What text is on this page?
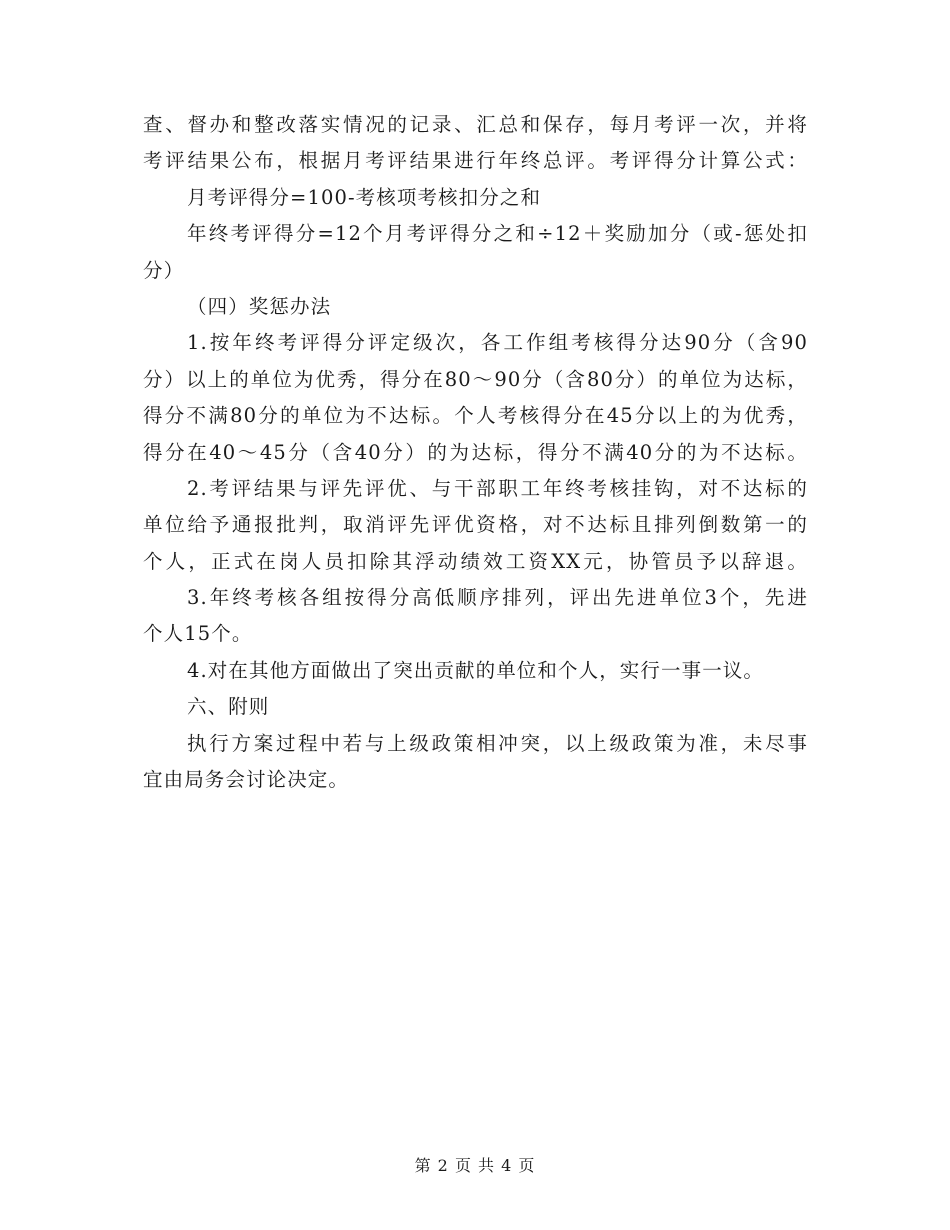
查、督办和整改落实情况的记录、汇总和保存，每月考评一次，并将
考评结果公布，根据月考评结果进行年终总评。考评得分计算公式：
月考评得分=100-考核项考核扣分之和
年终考评得分=12个月考评得分之和÷12＋奖励加分（或-惩处扣
分）
（四）奖惩办法
1.按年终考评得分评定级次，各工作组考核得分达90分（含90
分）以上的单位为优秀，得分在80～90分（含80分）的单位为达标，
得分不满80分的单位为不达标。个人考核得分在45分以上的为优秀，
得分在40～45分（含40分）的为达标，得分不满40分的为不达标。
2.考评结果与评先评优、与干部职工年终考核挂钩，对不达标的
单位给予通报批判，取消评先评优资格，对不达标且排列倒数第一的
个人，正式在岗人员扣除其浮动绩效工资XX元，协管员予以辞退。
3.年终考核各组按得分高低顺序排列，评出先进单位3个，先进
个人15个。
4.对在其他方面做出了突出贡献的单位和个人，实行一事一议。
六、附则
执行方案过程中若与上级政策相冲突，以上级政策为准，未尽事
宜由局务会讨论决定。
第 2 页 共 4 页
